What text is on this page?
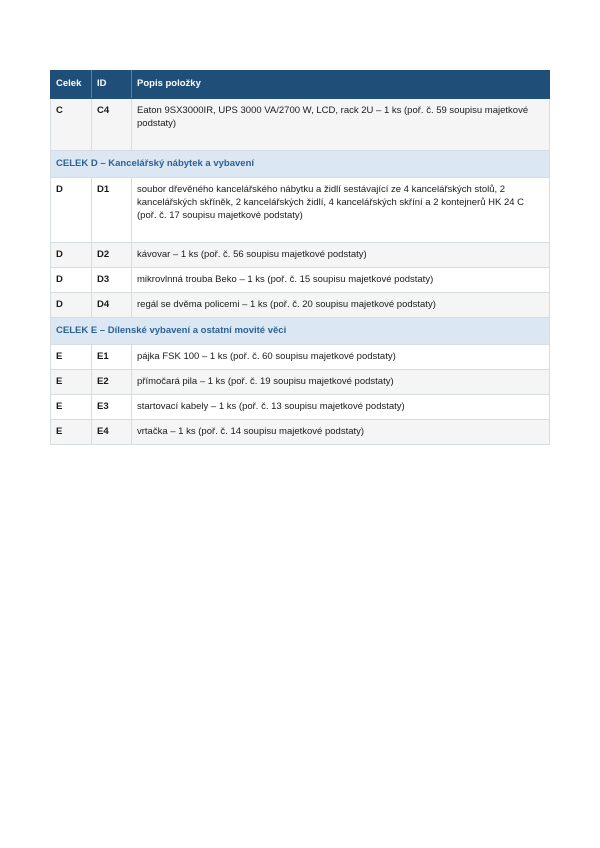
Celek	ID	Popis položky
C	C4	Eaton 9SX3000IR, UPS 3000 VA/2700 W, LCD, rack 2U – 1 ks (poř. č. 59 soupisu majetkové podstaty)
CELEK D – Kancelářský nábytek a vybavení		
D	D1	soubor dřevěného kancelářského nábytku a židlí sestávající ze 4 kancelářských stolů, 2 kancelářských skříněk, 2 kancelářských židlí, 4 kancelářských skříní a 2 kontejnerů HK 24 C (poř. č. 17 soupisu majetkové podstaty)
D	D2	kávovar – 1 ks (poř. č. 56 soupisu majetkové podstaty)
D	D3	mikrovlnná trouba Beko – 1 ks (poř. č. 15 soupisu majetkové podstaty)
D	D4	regál se dvěma policemi – 1 ks (poř. č. 20 soupisu majetkové podstaty)
CELEK E – Dílenské vybavení a ostatní movité věci		
E	E1	pájka FSK 100 – 1 ks (poř. č. 60 soupisu majetkové podstaty)
E	E2	přímočará pila – 1 ks (poř. č. 19 soupisu majetkové podstaty)
E	E3	startovací kabely – 1 ks (poř. č. 13 soupisu majetkové podstaty)
E	E4	vrtačka – 1 ks (poř. č. 14 soupisu majetkové podstaty)
